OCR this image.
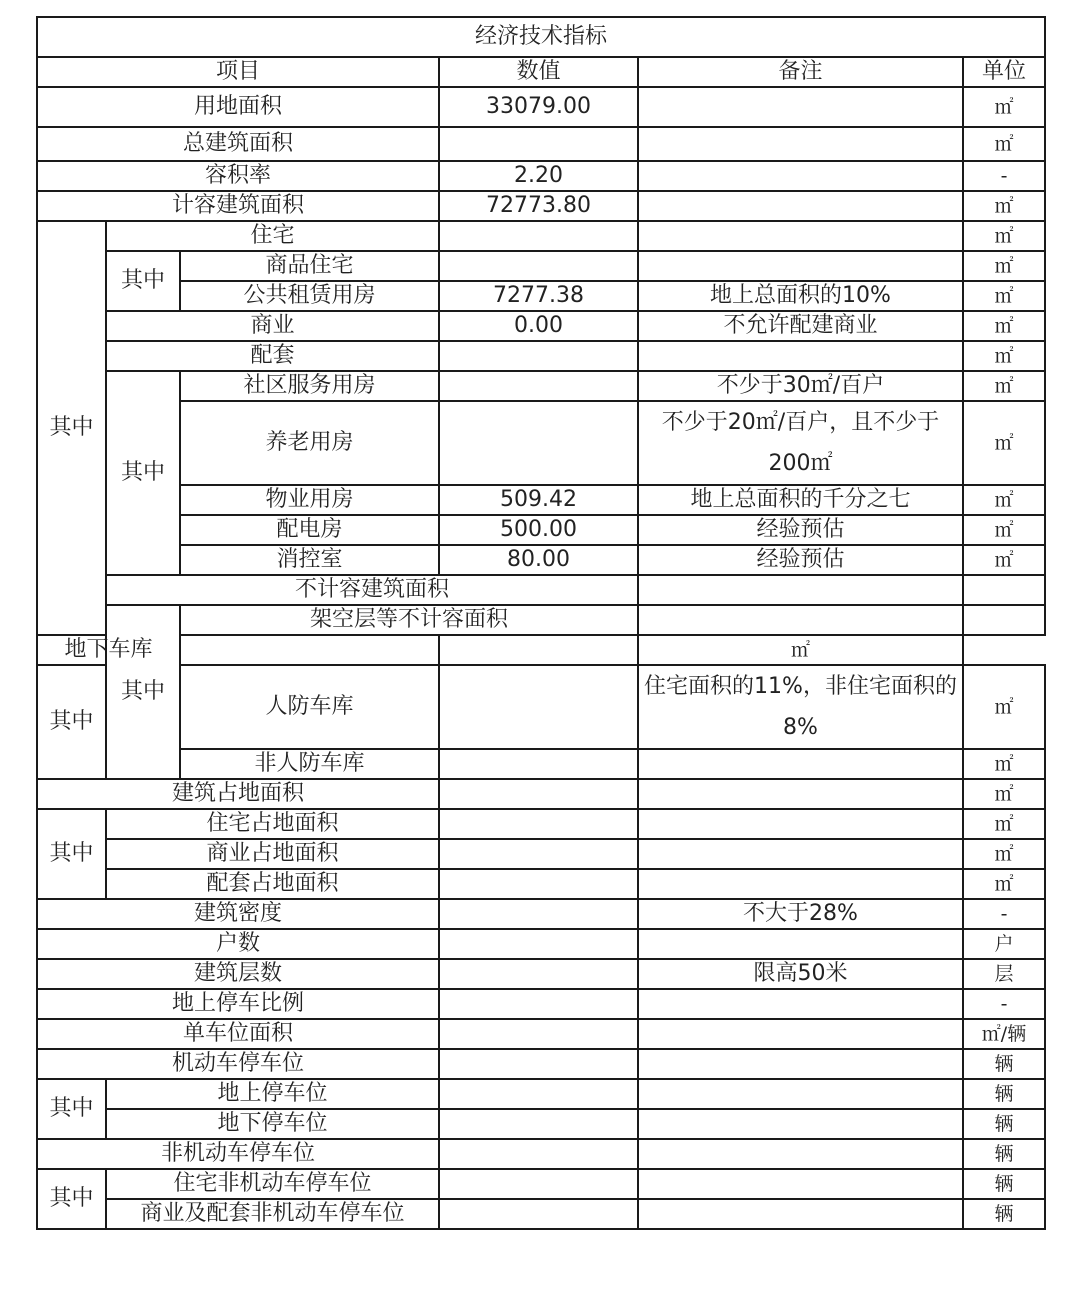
经济技术指标						
项目			数值	备注	单位	
用地面积			33079.00		㎡	
总建筑面积					㎡	
容积率			2.20		-	
计容建筑面积			72773.80		㎡	
其中	住宅				㎡	
	其中	商品住宅			㎡	
		公共租赁用房	7277.38	地上总面积的10%	㎡	
	商业		0.00	不允许配建商业	㎡	
	配套				㎡	
	其中	社区服务用房		不少于30㎡/百户	㎡	
		养老用房		不少于20㎡/百户，且不少于200㎡	㎡	
		物业用房	509.42	地上总面积的千分之七	㎡	
		配电房	500.00	经验预估	㎡	
		消控室	80.00	经验预估	㎡	
	不计容建筑面积			
	其中	架空层等不计容面积			
地下车库				㎡		
其中		人防车库		住宅面积的11%，非住宅面积的8%	㎡	
		非人防车库			㎡	
建筑占地面积					㎡	
其中	住宅占地面积				㎡	
	商业占地面积				㎡	
	配套占地面积				㎡	
建筑密度				不大于28%	-	
户数					户	
建筑层数				限高50米	层	
地上停车比例					-	
单车位面积					㎡/辆	
机动车停车位					辆	
其中	地上停车位				辆	
	地下停车位				辆	
非机动车停车位					辆	
其中	住宅非机动车停车位				辆	
	商业及配套非机动车停车位				辆	
